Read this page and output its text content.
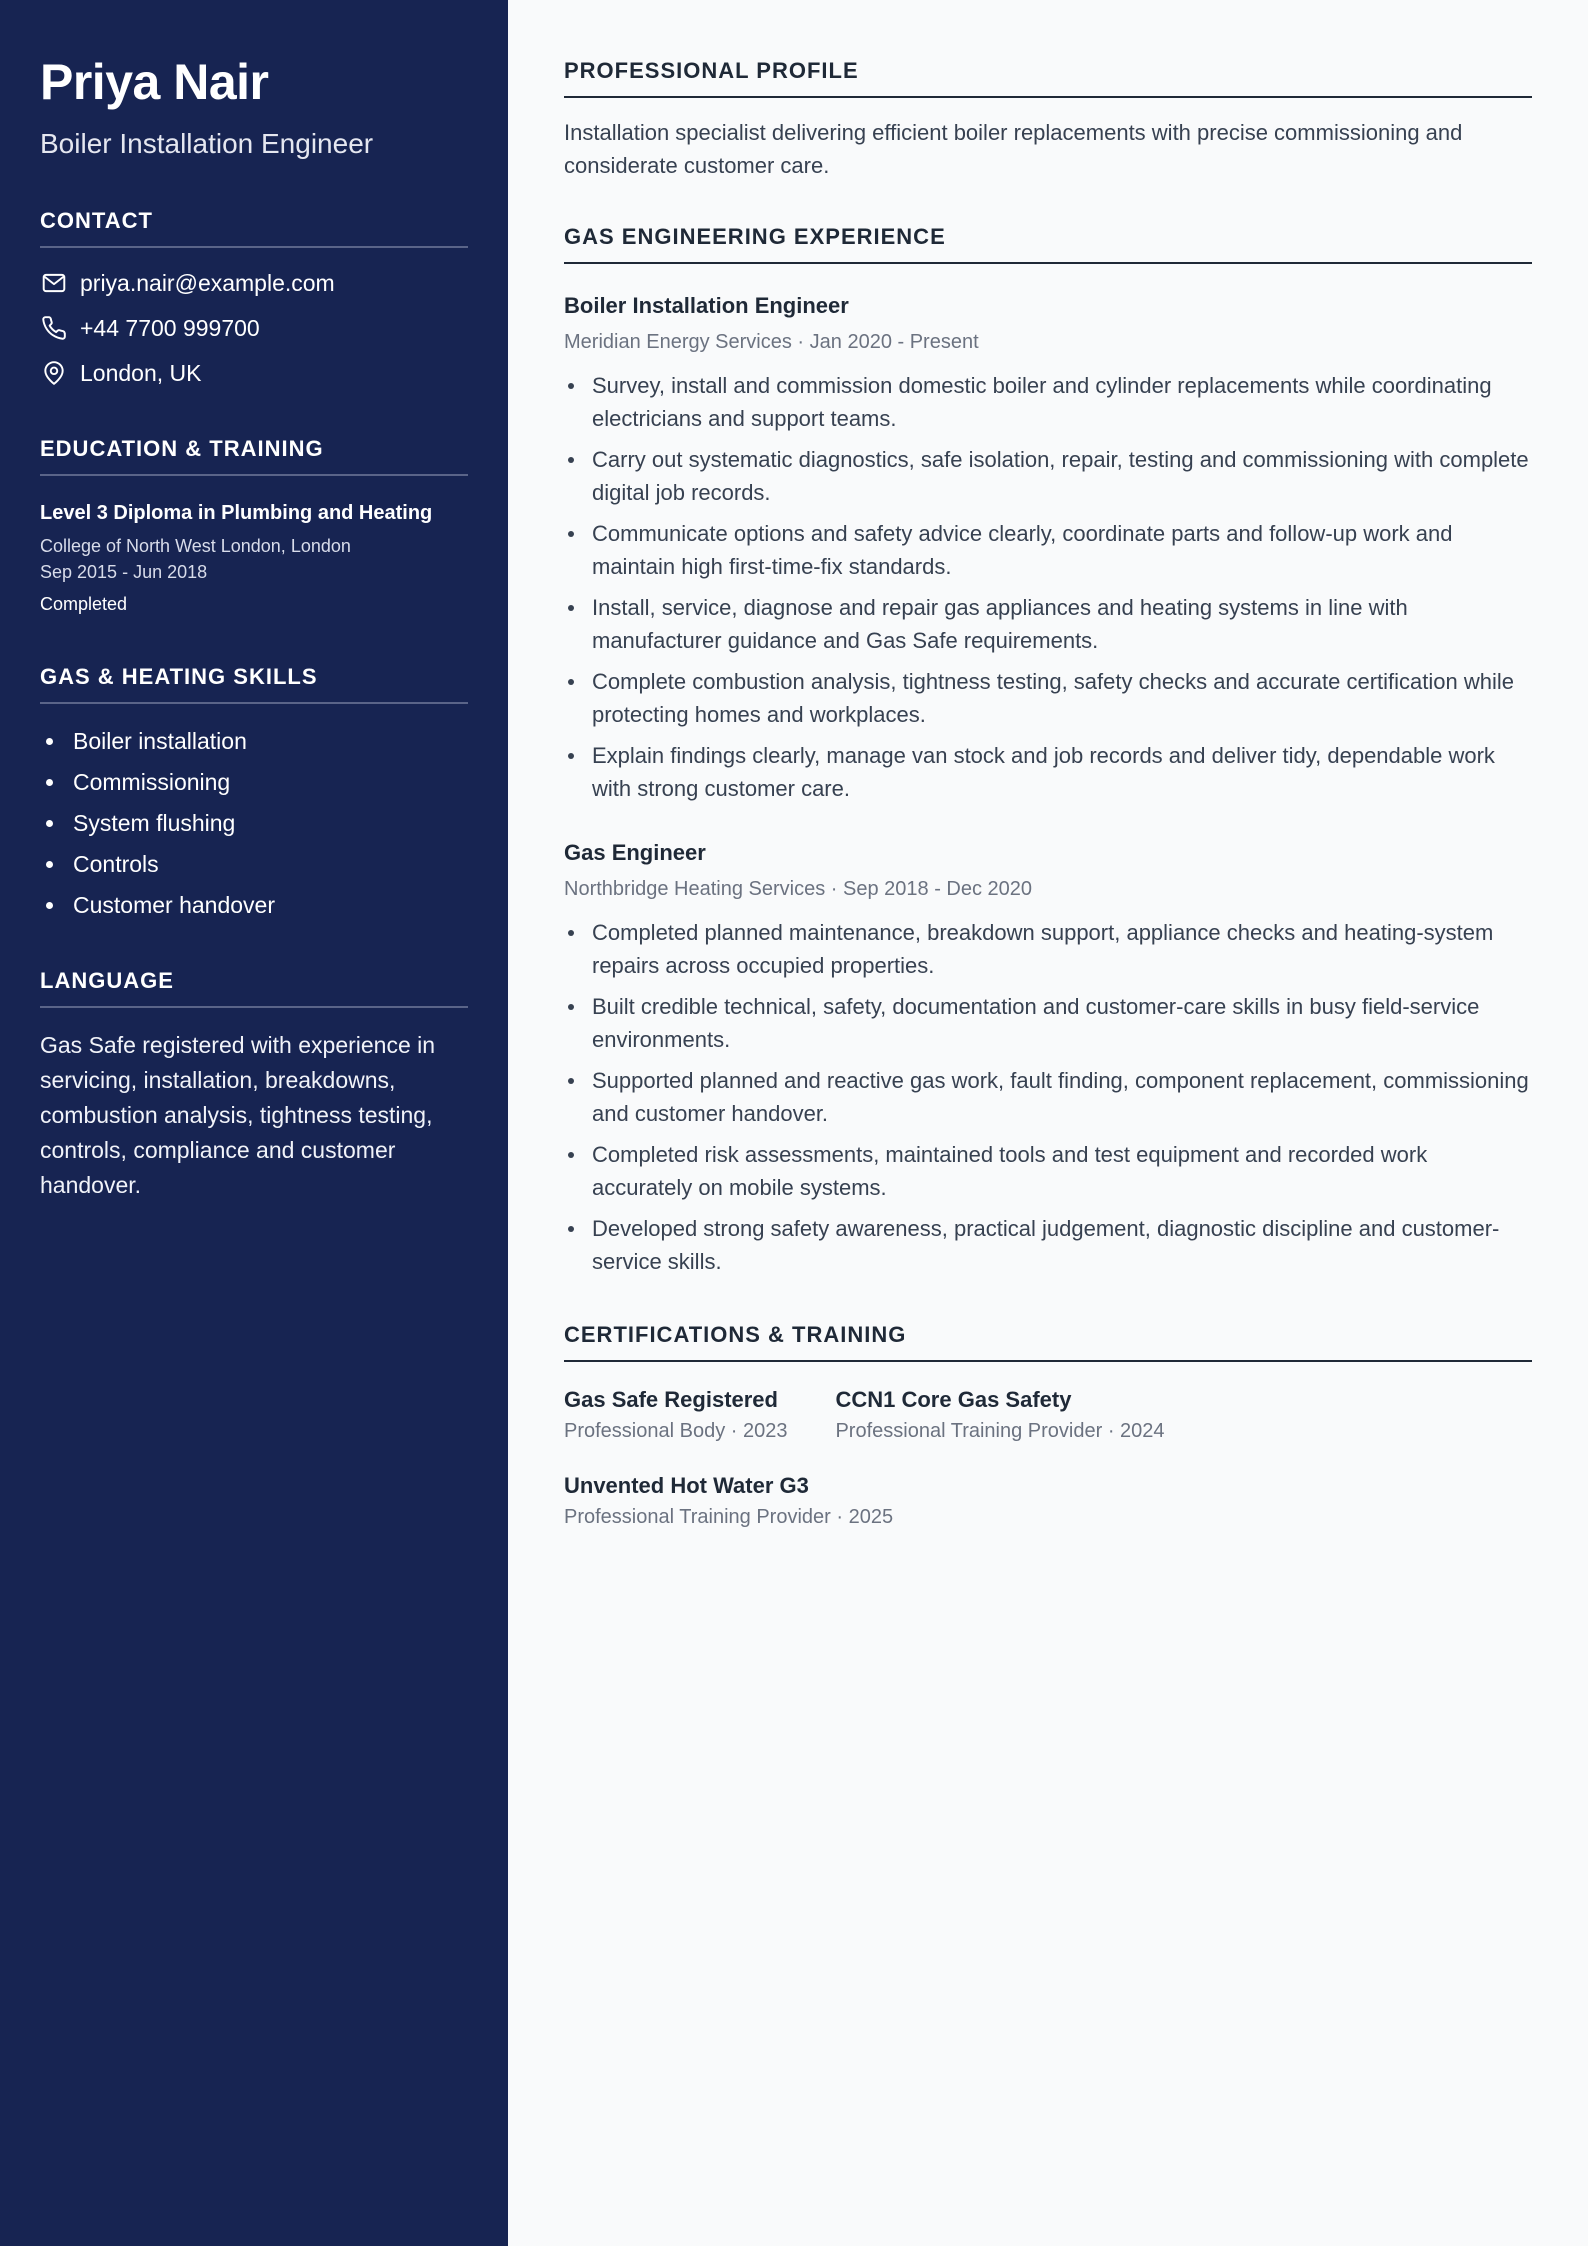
Priya Nair
Boiler Installation Engineer
CONTACT
priya.nair@example.com
+44 7700 999700
London, UK
EDUCATION & TRAINING
Level 3 Diploma in Plumbing and Heating
College of North West London, London
Sep 2015 - Jun 2018
Completed
GAS & HEATING SKILLS
Boiler installation
Commissioning
System flushing
Controls
Customer handover
LANGUAGE
Gas Safe registered with experience in servicing, installation, breakdowns, combustion analysis, tightness testing, controls, compliance and customer handover.
PROFESSIONAL PROFILE
Installation specialist delivering efficient boiler replacements with precise commissioning and considerate customer care.
GAS ENGINEERING EXPERIENCE
Boiler Installation Engineer
Meridian Energy Services · Jan 2020 - Present
Survey, install and commission domestic boiler and cylinder replacements while coordinating electricians and support teams.
Carry out systematic diagnostics, safe isolation, repair, testing and commissioning with complete digital job records.
Communicate options and safety advice clearly, coordinate parts and follow-up work and maintain high first-time-fix standards.
Install, service, diagnose and repair gas appliances and heating systems in line with manufacturer guidance and Gas Safe requirements.
Complete combustion analysis, tightness testing, safety checks and accurate certification while protecting homes and workplaces.
Explain findings clearly, manage van stock and job records and deliver tidy, dependable work with strong customer care.
Gas Engineer
Northbridge Heating Services · Sep 2018 - Dec 2020
Completed planned maintenance, breakdown support, appliance checks and heating-system repairs across occupied properties.
Built credible technical, safety, documentation and customer-care skills in busy field-service environments.
Supported planned and reactive gas work, fault finding, component replacement, commissioning and customer handover.
Completed risk assessments, maintained tools and test equipment and recorded work accurately on mobile systems.
Developed strong safety awareness, practical judgement, diagnostic discipline and customer-service skills.
CERTIFICATIONS & TRAINING
Gas Safe Registered
Professional Body · 2023
CCN1 Core Gas Safety
Professional Training Provider · 2024
Unvented Hot Water G3
Professional Training Provider · 2025
